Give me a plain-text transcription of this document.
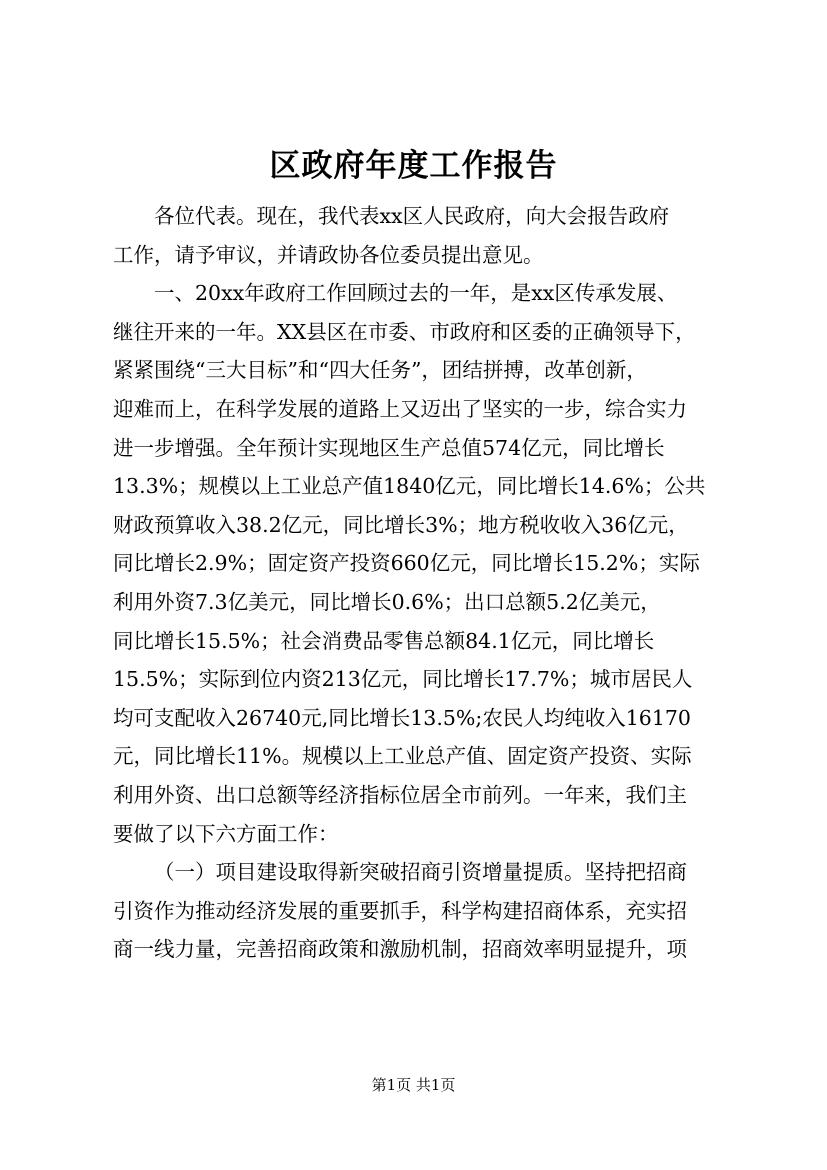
区政府年度工作报告
各位代表。现在，我代表xx区人民政府，向大会报告政府
工作，请予审议，并请政协各位委员提出意见。
一、20xx年政府工作回顾过去的一年，是xx区传承发展、
继往开来的一年。XX县区在市委、市政府和区委的正确领导下，
紧紧围绕“三大目标”和“四大任务”，团结拼搏，改革创新，
迎难而上，在科学发展的道路上又迈出了坚实的一步，综合实力
进一步增强。全年预计实现地区生产总值574亿元，同比增长
13.3%；规模以上工业总产值1840亿元，同比增长14.6%；公共
财政预算收入38.2亿元，同比增长3%；地方税收收入36亿元，
同比增长2.9%；固定资产投资660亿元，同比增长15.2%；实际
利用外资7.3亿美元，同比增长0.6%；出口总额5.2亿美元，
同比增长15.5%；社会消费品零售总额84.1亿元，同比增长
15.5%；实际到位内资213亿元，同比增长17.7%；城市居民人
均可支配收入26740元,同比增长13.5%;农民人均纯收入16170
元，同比增长11%。规模以上工业总产值、固定资产投资、实际
利用外资、出口总额等经济指标位居全市前列。一年来，我们主
要做了以下六方面工作：
（一）项目建设取得新突破招商引资增量提质。坚持把招商
引资作为推动经济发展的重要抓手，科学构建招商体系，充实招
商一线力量，完善招商政策和激励机制，招商效率明显提升，项
第1页 共1页
